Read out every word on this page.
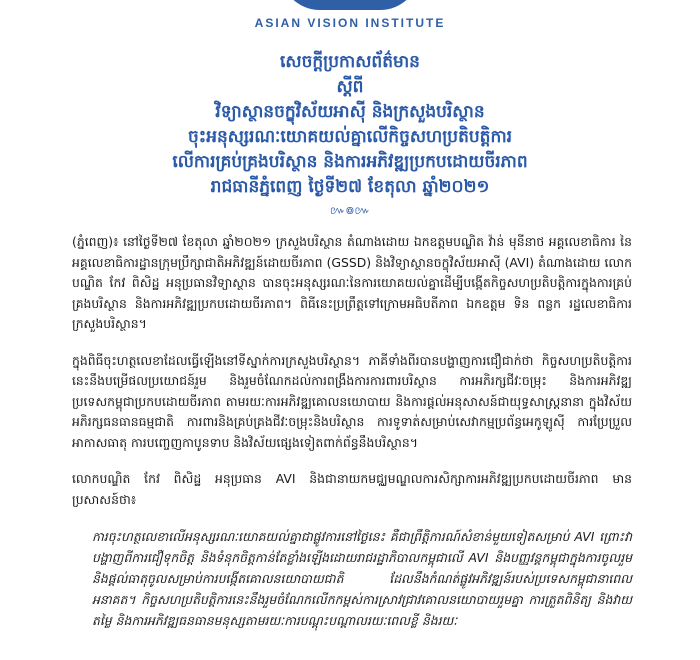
ASIAN VISION INSTITUTE
សេចក្តីប្រកាសព័ត៌មាន
ស្តីពី
វិទ្យាស្ថានចក្ខុវិស័យអាស៊ី និងក្រសួងបរិស្ថាន
ចុះអនុស្សរណៈយោគយល់គ្នាលើកិច្ចសហប្រតិបត្តិការ
លើការគ្រប់គ្រងបរិស្ថាន និងការអភិវឌ្ឍប្រកបដោយចីរភាព
រាជធានីភ្នំពេញ ថ្ងៃទី២៧ ខែតុលា ឆ្នាំ២០២១
៚៙៚

(ភ្នំពេញ)៖ នៅថ្ងៃទី២៧ ខែតុលា ឆ្នាំ២០២១ ក្រសួងបរិស្ថាន តំណាងដោយ ឯកឧត្តមបណ្ឌិត វ៉ាន់ មុនីនាថ អគ្គលេខាធិការ នៃអគ្គលេខាធិការដ្ឋានក្រុមប្រឹក្សាជាតិអភិវឌ្ឍន៍ដោយចីរភាព (GSSD) និងវិទ្យាស្ថានចក្ខុវិស័យអាស៊ី (AVI) តំណាងដោយ លោកបណ្ឌិត កែវ ពិសិដ្ឋ អនុប្រធានវិទ្យាស្ថាន បានចុះអនុស្សរណៈនៃការយោគយល់គ្នាដើម្បីបង្កើតកិច្ចសហប្រតិបត្តិការក្នុងការគ្រប់គ្រងបរិស្ថាន និងការអភិវឌ្ឍប្រកបដោយចីរភាព។ ពិធីនេះប្រព្រឹត្តទៅក្រោមអធិបតីភាព ឯកឧត្តម ទិន ពន្លក រដ្ឋលេខាធិការក្រសួងបរិស្ថាន។

ក្នុងពិធីចុះហត្ថលេខាដែលធ្វើឡើងនៅទីស្នាក់ការក្រសួងបរិស្ថាន។ ភាគីទាំងពីរបានបង្ហាញការជឿជាក់ថា កិច្ចសហប្រតិបត្តិការនេះនឹងបម្រើផលប្រយោជន៍រួម និងរួមចំណែកដល់ការពង្រឹងការការពារបរិស្ថាន ការអភិរក្សជីវៈចម្រុះ និងការអភិវឌ្ឍប្រទេសកម្ពុជាប្រកបដោយចីរភាព តាមរយៈការអភិវឌ្ឍគោលនយោបាយ និងការផ្តល់អនុសាសន៍ជាយុទ្ធសាស្ត្រនានា ក្នុងវិស័យអភិរក្សធនធានធម្មជាតិ ការពារនិងគ្រប់គ្រងជីវៈចម្រុះនិងបរិស្ថាន ការទូទាត់សម្រាប់សេវាកម្មប្រព័ន្ធអេកូឡូស៊ី ការប្រែប្រួលអាកាសធាតុ ការបញ្ចេញកាបូនទាប និងវិស័យផ្សេងទៀតពាក់ព័ន្ធនឹងបរិស្ថាន។

លោកបណ្ឌិត កែវ ពិសិដ្ឋ អនុប្រធាន AVI និងជានាយកមជ្ឈមណ្ឌលការសិក្សាការអភិវឌ្ឍប្រកបដោយចីរភាព មានប្រសាសន៍ថា៖

ការចុះហត្ថលេខាលើអនុស្សរណៈយោគយល់គ្នាជាផ្លូវការនៅថ្ងៃនេះ គឺជាព្រឹត្តិការណ៍សំខាន់មួយទៀតសម្រាប់ AVI ព្រោះវាបង្ហាញពីការជឿទុកចិត្ត និងទំនុកចិត្តកាន់តែខ្លាំងឡើងដោយរាជរដ្ឋាភិបាលកម្ពុជាលើ AVI និងបញ្ញវន្តកម្ពុជាក្នុងការចូលរួម និងផ្តល់ធាតុចូលសម្រាប់ការបង្កើតគោលនយោបាយជាតិ ដែលនឹងកំណត់ផ្លូវអភិវឌ្ឍន៍របស់ប្រទេសកម្ពុជានាពេលអនាគត។ កិច្ចសហប្រតិបត្តិការនេះនឹងរួមចំណែកលើកកម្ពស់ការស្រាវជ្រាវគោលនយោបាយរួមគ្នា ការត្រួតពិនិត្យ និងវាយតម្លៃ និងការអភិវឌ្ឍធនធានមនុស្សតាមរយៈការបណ្តុះបណ្តាលរយៈពេលខ្លី និងរយៈ
